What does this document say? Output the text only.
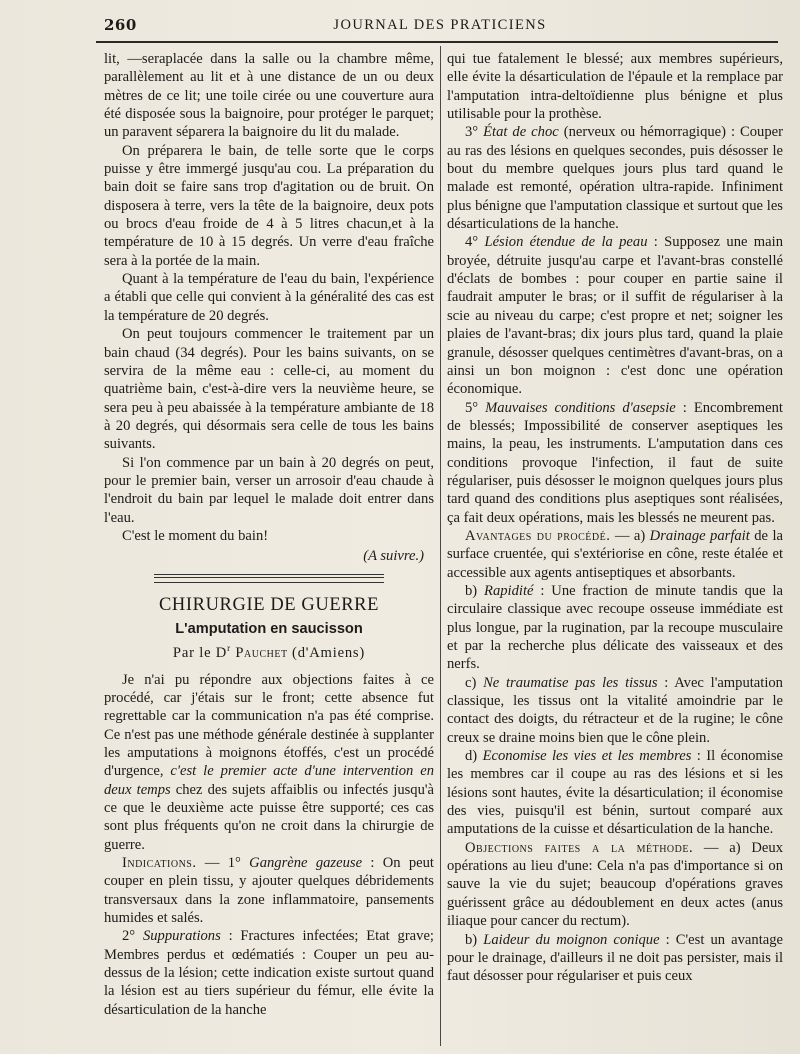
260	JOURNAL DES PRATICIENS

lit, —seraplacée dans la salle ou la chambre même, parallèlement au lit et à une distance de un ou deux mètres de ce lit; une toile cirée ou une couverture aura été disposée sous la baignoire, pour protéger le parquet; un paravent séparera la baignoire du lit du malade.

On préparera le bain, de telle sorte que le corps puisse y être immergé jusqu'au cou. La préparation du bain doit se faire sans trop d'agitation ou de bruit. On disposera à terre, vers la tête de la baignoire, deux pots ou brocs d'eau froide de 4 à 5 litres chacun,et à la température de 10 à 15 degrés. Un verre d'eau fraîche sera à la portée de la main.

Quant à la température de l'eau du bain, l'expérience a établi que celle qui convient à la généralité des cas est la température de 20 degrés.

On peut toujours commencer le traitement par un bain chaud (34 degrés). Pour les bains suivants, on se servira de la même eau : celle-ci, au moment du quatrième bain, c'est-à-dire vers la neuvième heure, se sera peu à peu abaissée à la température ambiante de 18 à 20 degrés, qui désormais sera celle de tous les bains suivants.

Si l'on commence par un bain à 20 degrés on peut, pour le premier bain, verser un arrosoir d'eau chaude à l'endroit du bain par lequel le malade doit entrer dans l'eau.

C'est le moment du bain!

(A suivre.)
CHIRURGIE DE GUERRE
L'amputation en saucisson
Par le $D^r$ Pauchet (d'Amiens)

Je n'ai pu répondre aux objections faites à ce procédé, car j'étais sur le front; cette absence fut regrettable car la communication n'a pas été comprise. Ce n'est pas une méthode générale destinée à supplanter les amputations à moignons étoffés, c'est un procédé d'urgence, c'est le premier acte d'une intervention en deux temps chez des sujets affaiblis ou infectés jusqu'à ce que le deuxième acte puisse être supporté; ces cas sont plus fréquents qu'on ne croit dans la chirurgie de guerre.

Indications. — 1° Gangrène gazeuse : On peut couper en plein tissu, y ajouter quelques débridements transversaux dans la zone inflammatoire, pansements humides et salés.

2° Suppurations : Fractures infectées; Etat grave; Membres perdus et œdématiés : Couper un peu au-dessus de la lésion; cette indication existe surtout quand la lésion est au tiers supérieur du fémur, elle évite la désarticulation de la hanche

qui tue fatalement le blessé; aux membres supérieurs, elle évite la désarticulation de l'épaule et la remplace par l'amputation intra-deltoïdienne plus bénigne et plus utilisable pour la prothèse.

3° État de choc (nerveux ou hémorragique) : Couper au ras des lésions en quelques secondes, puis désosser le bout du membre quelques jours plus tard quand le malade est remonté, opération ultra-rapide. Infiniment plus bénigne que l'amputation classique et surtout que les désarticulations de la hanche.

4° Lésion étendue de la peau : Supposez une main broyée, détruite jusqu'au carpe et l'avant-bras constellé d'éclats de bombes : pour couper en partie saine il faudrait amputer le bras; or il suffit de régulariser à la scie au niveau du carpe; c'est propre et net; soigner les plaies de l'avant-bras; dix jours plus tard, quand la plaie granule, désosser quelques centimètres d'avant-bras, on a ainsi un bon moignon : c'est donc une opération économique.

5° Mauvaises conditions d'asepsie : Encombrement de blessés; Impossibilité de conserver aseptiques les mains, la peau, les instruments. L'amputation dans ces conditions provoque l'infection, il faut de suite régulariser, puis désosser le moignon quelques jours plus tard quand des conditions plus aseptiques sont réalisées, ça fait deux opérations, mais les blessés ne meurent pas.

Avantages du procédé. — a) Drainage parfait de la surface cruentée, qui s'extériorise en cône, reste étalée et accessible aux agents antiseptiques et absorbants.

b) Rapidité : Une fraction de minute tandis que la circulaire classique avec recoupe osseuse immédiate est plus longue, par la rugination, par la recoupe musculaire et par la recherche plus délicate des vaisseaux et des nerfs.

c) Ne traumatise pas les tissus : Avec l'amputation classique, les tissus ont la vitalité amoindrie par le contact des doigts, du rétracteur et de la rugine; le cône creux se draine moins bien que le cône plein.

d) Economise les vies et les membres : Il économise les membres car il coupe au ras des lésions et si les lésions sont hautes, évite la désarticulation; il économise des vies, puisqu'il est bénin, surtout comparé aux amputations de la cuisse et désarticulation de la hanche.

Objections faites a la méthode. — a) Deux opérations au lieu d'une: Cela n'a pas d'importance si on sauve la vie du sujet; beaucoup d'opérations graves guérissent grâce au dédoublement en deux actes (anus iliaque pour cancer du rectum).

b) Laideur du moignon conique : C'est un avantage pour le drainage, d'ailleurs il ne doit pas persister, mais il faut désosser pour régulariser et puis ceux
